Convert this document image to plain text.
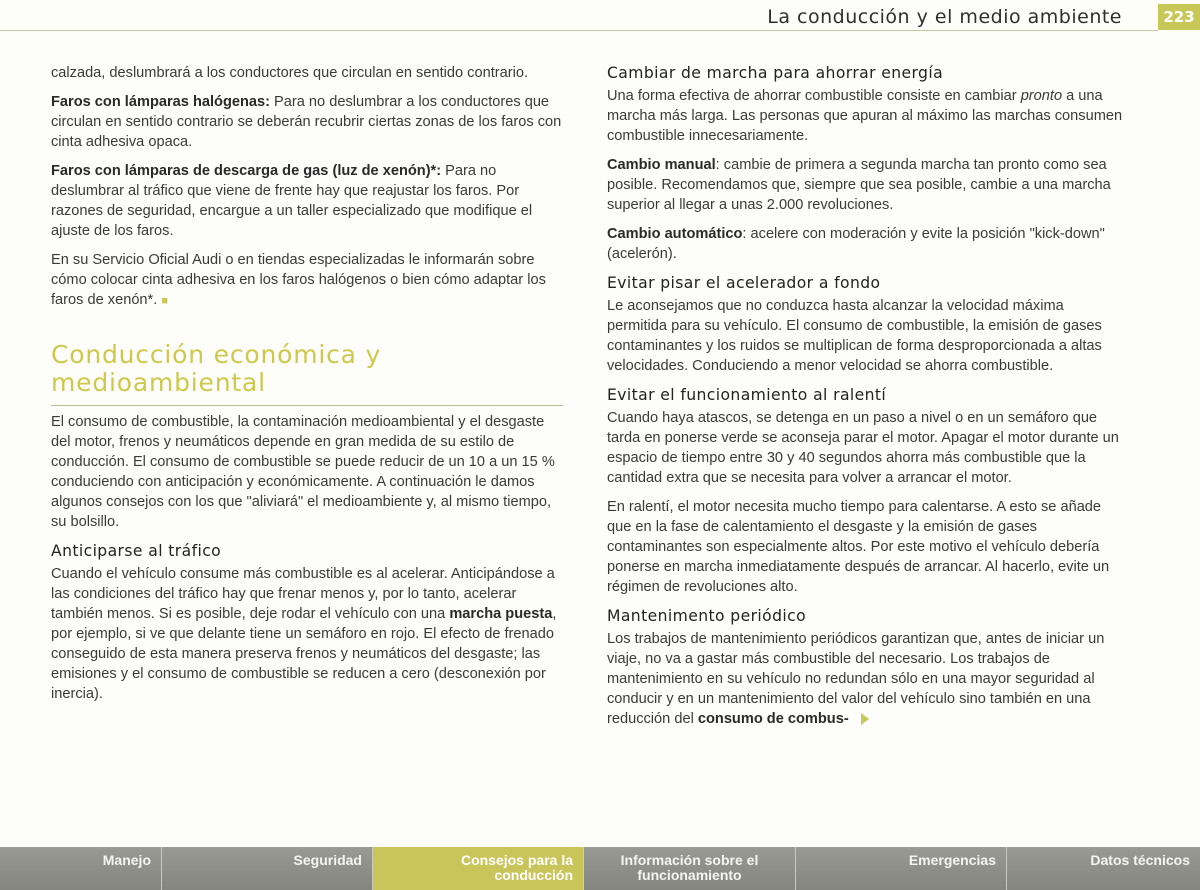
La conducción y el medio ambiente	223

calzada, deslumbrará a los conductores que circulan en sentido contrario.

Faros con lámparas halógenas: Para no deslumbrar a los conductores que circulan en sentido contrario se deberán recubrir ciertas zonas de los faros con cinta adhesiva opaca.

Faros con lámparas de descarga de gas (luz de xenón)*: Para no deslumbrar al tráfico que viene de frente hay que reajustar los faros. Por razones de seguridad, encargue a un taller especializado que modifique el ajuste de los faros.

En su Servicio Oficial Audi o en tiendas especializadas le informarán sobre cómo colocar cinta adhesiva en los faros halógenos o bien cómo adaptar los faros de xenón*. ■

Conducción económica y medioambiental

El consumo de combustible, la contaminación medioambiental y el desgaste del motor, frenos y neumáticos depende en gran medida de su estilo de conducción. El consumo de combustible se puede reducir de un 10 a un 15 % conduciendo con anticipación y económicamente. A continuación le damos algunos consejos con los que "aliviará" el medioambiente y, al mismo tiempo, su bolsillo.

Anticiparse al tráfico

Cuando el vehículo consume más combustible es al acelerar. Anticipándose a las condiciones del tráfico hay que frenar menos y, por lo tanto, acelerar también menos. Si es posible, deje rodar el vehículo con una marcha puesta, por ejemplo, si ve que delante tiene un semáforo en rojo. El efecto de frenado conseguido de esta manera preserva frenos y neumáticos del desgaste; las emisiones y el consumo de combustible se reducen a cero (desconexión por inercia).

Cambiar de marcha para ahorrar energía

Una forma efectiva de ahorrar combustible consiste en cambiar pronto a una marcha más larga. Las personas que apuran al máximo las marchas consumen combustible innecesariamente.

Cambio manual: cambie de primera a segunda marcha tan pronto como sea posible. Recomendamos que, siempre que sea posible, cambie a una marcha superior al llegar a unas 2.000 revoluciones.

Cambio automático: acelere con moderación y evite la posición "kick-down" (acelerón).

Evitar pisar el acelerador a fondo

Le aconsejamos que no conduzca hasta alcanzar la velocidad máxima permitida para su vehículo. El consumo de combustible, la emisión de gases contaminantes y los ruidos se multiplican de forma desproporcionada a altas velocidades. Conduciendo a menor velocidad se ahorra combustible.

Evitar el funcionamiento al ralentí

Cuando haya atascos, se detenga en un paso a nivel o en un semáforo que tarda en ponerse verde se aconseja parar el motor. Apagar el motor durante un espacio de tiempo entre 30 y 40 segundos ahorra más combustible que la cantidad extra que se necesita para volver a arrancar el motor.

En ralentí, el motor necesita mucho tiempo para calentarse. A esto se añade que en la fase de calentamiento el desgaste y la emisión de gases contaminantes son especialmente altos. Por este motivo el vehículo debería ponerse en marcha inmediatamente después de arrancar. Al hacerlo, evite un régimen de revoluciones alto.

Mantenimento periódico

Los trabajos de mantenimiento periódicos garantizan que, antes de iniciar un viaje, no va a gastar más combustible del necesario. Los trabajos de mantenimiento en su vehículo no redundan sólo en una mayor seguridad al conducir y en un mantenimiento del valor del vehículo sino también en una reducción del consumo de combus-

Manejo	Seguridad	Consejos para la conducción
Información sobre el funcionamiento
Emergencias	Datos técnicos
